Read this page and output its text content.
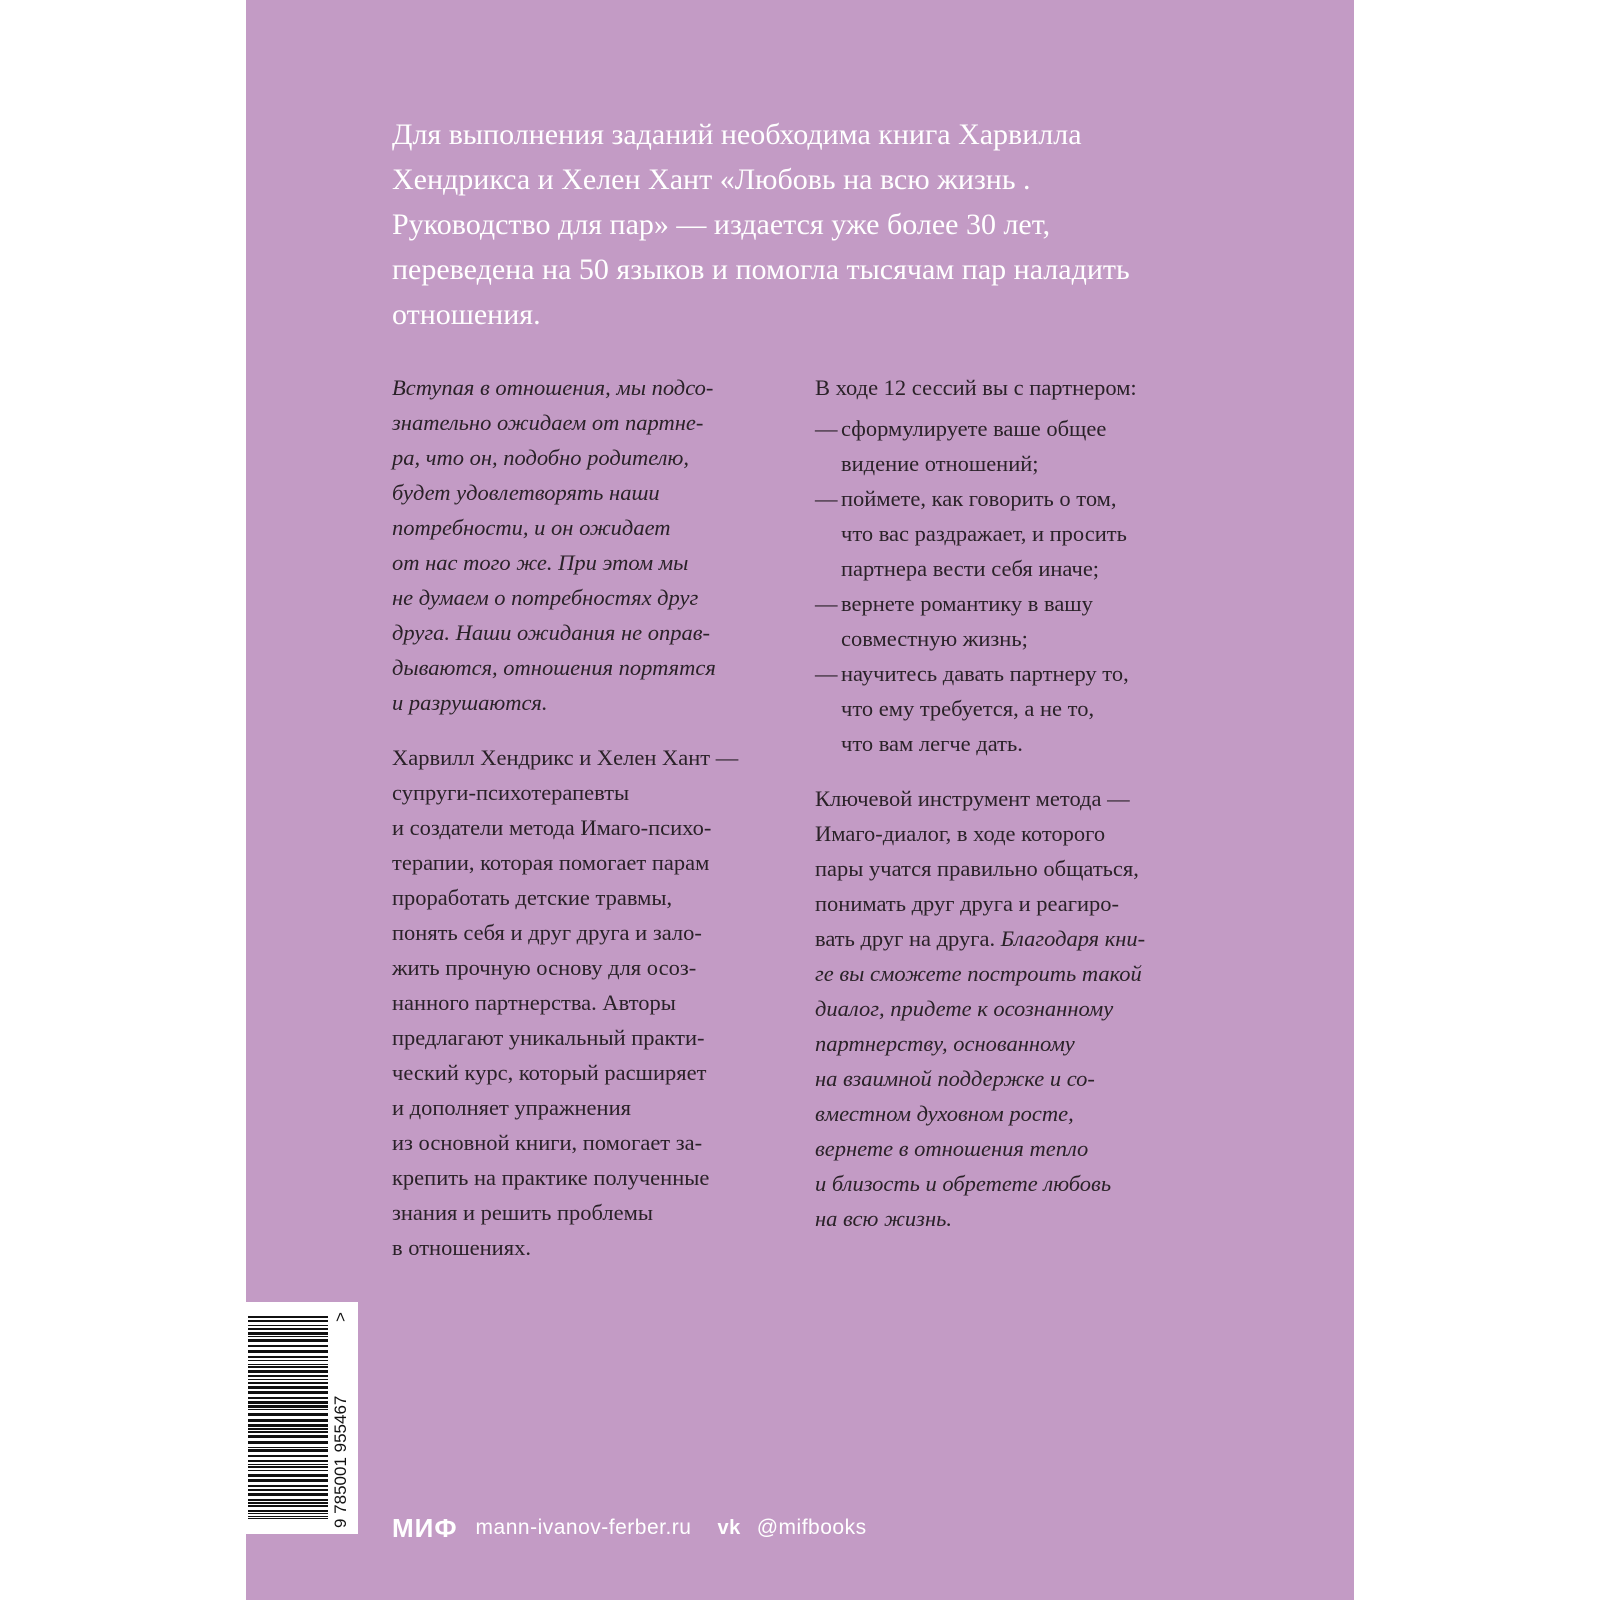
Для выполнения заданий необходима книга Харвилла Хендрикса и Хелен Хант «Любовь на всю жизнь . Руководство для пар» — издается уже более 30 лет, переведена на 50 языков и помогла тысячам пар наладить отношения.

Вступая в отношения, мы подсо-
знательно ожидаем от партне-
ра, что он, подобно родителю,
будет удовлетворять наши
потребности, и он ожидает
от нас того же. При этом мы
не думаем о потребностях друг
друга. Наши ожидания не оправ-
дываются, отношения портятся
и разрушаются.

Харвилл Хендрикс и Хелен Хант —
супруги-психотерапевты
и создатели метода Имаго-психо-
терапии, которая помогает парам
проработать детские травмы,
понять себя и друг друга и зало-
жить прочную основу для осоз-
нанного партнерства. Авторы
предлагают уникальный практи-
ческий курс, который расширяет
и дополняет упражнения
из основной книги, помогает за-
крепить на практике полученные
знания и решить проблемы
в отношениях.

В ходе 12 сессий вы с партнером:

— сформулируете ваше общее
видение отношений;
— поймете, как говорить о том,
что вас раздражает, и просить
партнера вести себя иначе;
— вернете романтику в вашу
совместную жизнь;
— научитесь давать партнеру то,
что ему требуется, а не то,
что вам легче дать.

Ключевой инструмент метода —
Имаго-диалог, в ходе которого
пары учатся правильно общаться,
понимать друг друга и реагиро-
вать друг на друга. Благодаря кни-
ге вы сможете построить такой
диалог, придете к осознанному
партнерству, основанному
на взаимной поддержке и со-
вместном духовном росте,
вернете в отношения тепло
и близость и обретете любовь
на всю жизнь.

9 785001 955467
>
МИФ mann-ivanov-ferber.ru vk @mifbooks
